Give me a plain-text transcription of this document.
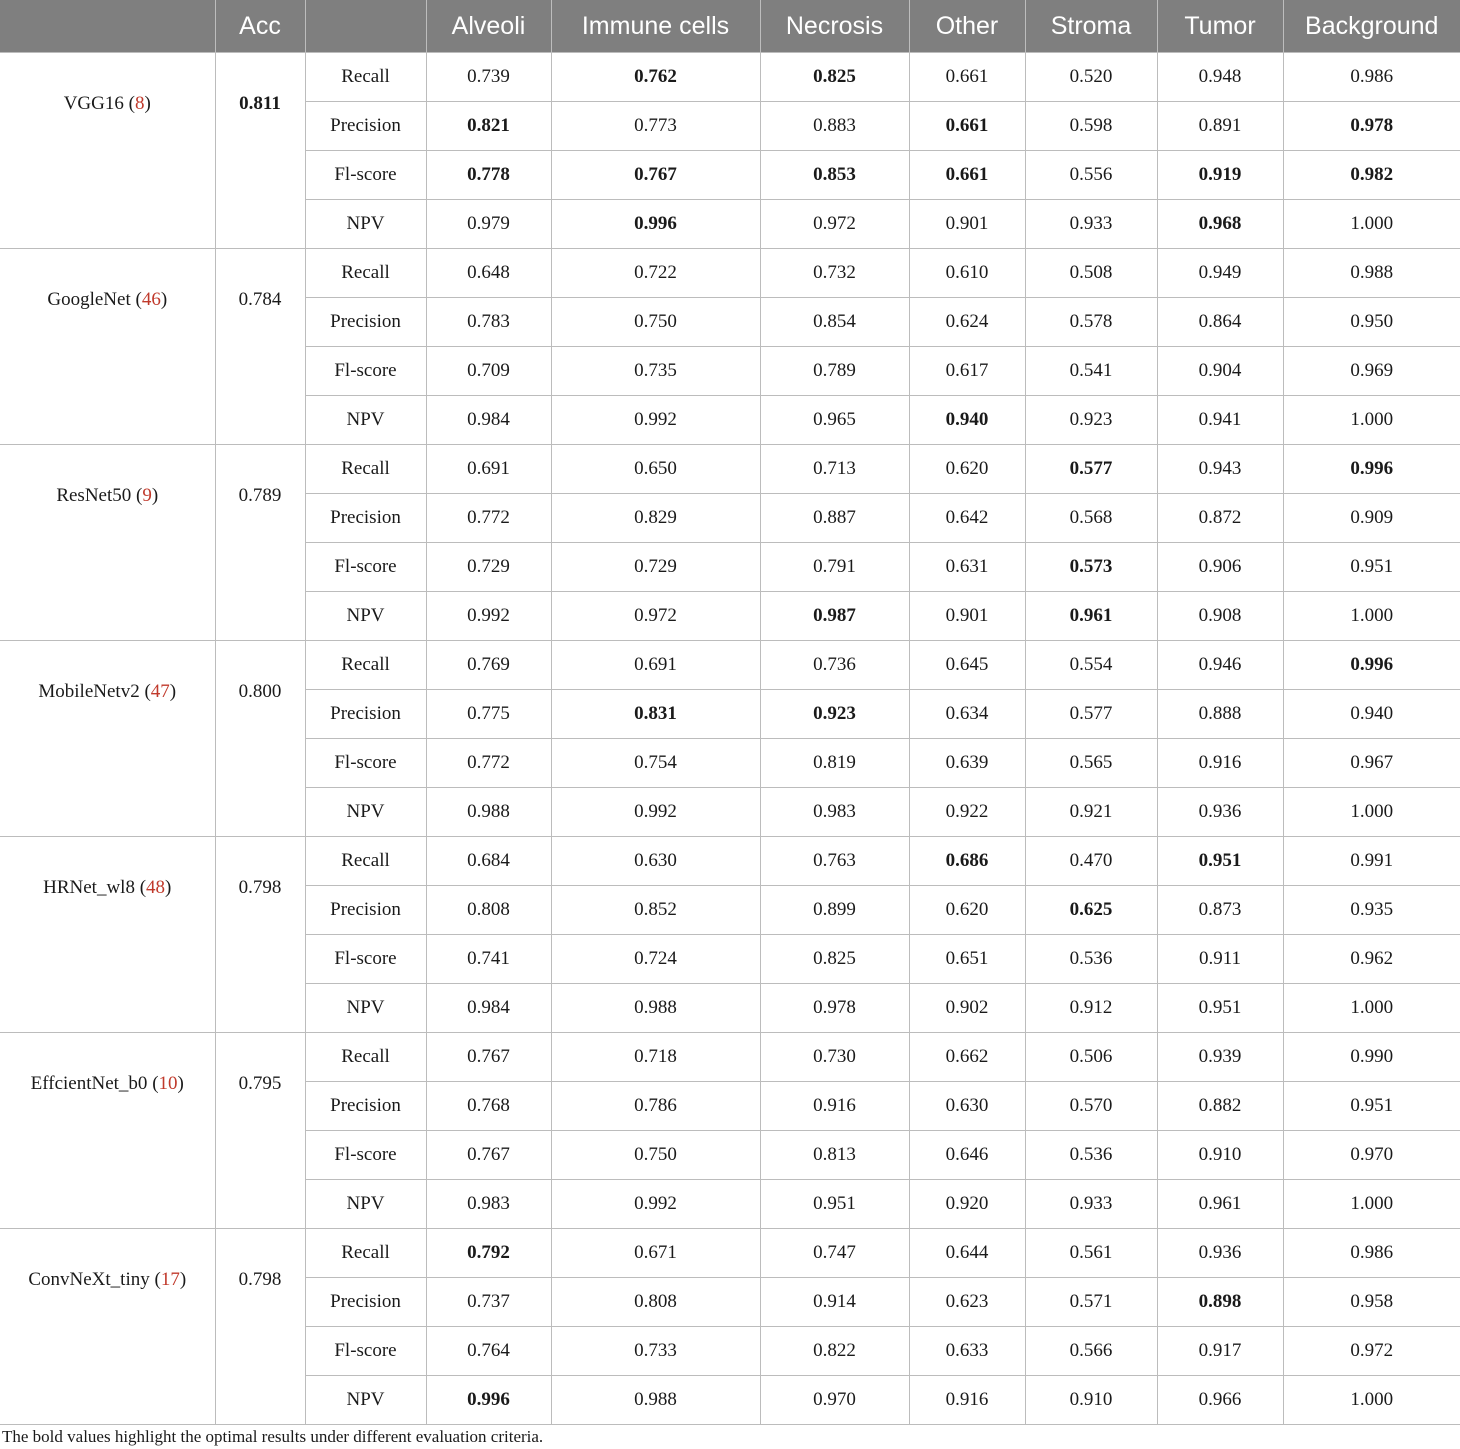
	Acc		Alveoli	Immune cells	Necrosis	Other	Stroma	Tumor	Background
VGG16 (8)	0.811	Recall	0.739	0.762	0.825	0.661	0.520	0.948	0.986
		Precision	0.821	0.773	0.883	0.661	0.598	0.891	0.978
		Fl-score	0.778	0.767	0.853	0.661	0.556	0.919	0.982
		NPV	0.979	0.996	0.972	0.901	0.933	0.968	1.000
GoogleNet (46)	0.784	Recall	0.648	0.722	0.732	0.610	0.508	0.949	0.988
		Precision	0.783	0.750	0.854	0.624	0.578	0.864	0.950
		Fl-score	0.709	0.735	0.789	0.617	0.541	0.904	0.969
		NPV	0.984	0.992	0.965	0.940	0.923	0.941	1.000
ResNet50 (9)	0.789	Recall	0.691	0.650	0.713	0.620	0.577	0.943	0.996
		Precision	0.772	0.829	0.887	0.642	0.568	0.872	0.909
		Fl-score	0.729	0.729	0.791	0.631	0.573	0.906	0.951
		NPV	0.992	0.972	0.987	0.901	0.961	0.908	1.000
MobileNetv2 (47)	0.800	Recall	0.769	0.691	0.736	0.645	0.554	0.946	0.996
		Precision	0.775	0.831	0.923	0.634	0.577	0.888	0.940
		Fl-score	0.772	0.754	0.819	0.639	0.565	0.916	0.967
		NPV	0.988	0.992	0.983	0.922	0.921	0.936	1.000
HRNet_wl8 (48)	0.798	Recall	0.684	0.630	0.763	0.686	0.470	0.951	0.991
		Precision	0.808	0.852	0.899	0.620	0.625	0.873	0.935
		Fl-score	0.741	0.724	0.825	0.651	0.536	0.911	0.962
		NPV	0.984	0.988	0.978	0.902	0.912	0.951	1.000
EffcientNet_b0 (10)	0.795	Recall	0.767	0.718	0.730	0.662	0.506	0.939	0.990
		Precision	0.768	0.786	0.916	0.630	0.570	0.882	0.951
		Fl-score	0.767	0.750	0.813	0.646	0.536	0.910	0.970
		NPV	0.983	0.992	0.951	0.920	0.933	0.961	1.000
ConvNeXt_tiny (17)	0.798	Recall	0.792	0.671	0.747	0.644	0.561	0.936	0.986
		Precision	0.737	0.808	0.914	0.623	0.571	0.898	0.958
		Fl-score	0.764	0.733	0.822	0.633	0.566	0.917	0.972
		NPV	0.996	0.988	0.970	0.916	0.910	0.966	1.000
The bold values highlight the optimal results under different evaluation criteria.
